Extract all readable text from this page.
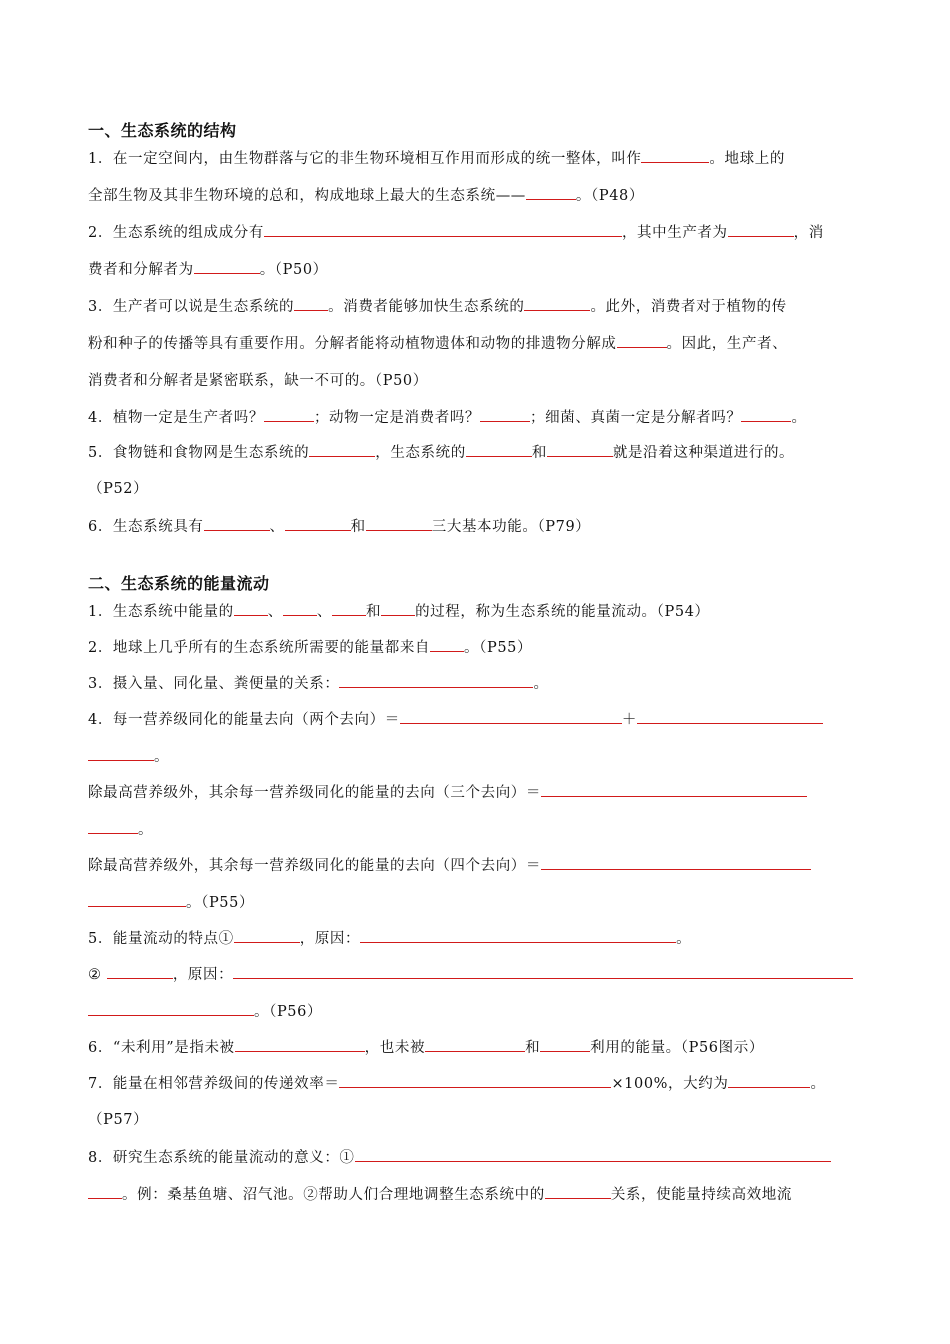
一、生态系统的结构
1．在一定空间内，由生物群落与它的非生物环境相互作用而形成的统一整体，叫作	。地球上的
全部生物及其非生物环境的总和，构成地球上最大的生态系统——	。（P48）
2．生态系统的组成成分有	，其中生产者为	，消
费者和分解者为	。（P50）
3．生产者可以说是生态系统的 。消费者能够加快生态系统的	。此外，消费者对于植物的传
粉和种子的传播等具有重要作用。分解者能将动植物遗体和动物的排遗物分解成	。因此，生产者、
消费者和分解者是紧密联系，缺一不可的。（P50）
4．植物一定是生产者吗？	；动物一定是消费者吗？	；细菌、真菌一定是分解者吗？	。
5．食物链和食物网是生态系统的	，生态系统的	和	就是沿着这种渠道进行的。
（P52）
6．生态系统具有	、	和	三大基本功能。（P79）
二、生态系统的能量流动
1．生态系统中能量的 、 、 和 的过程，称为生态系统的能量流动。（P54）
2．地球上几乎所有的生态系统所需要的能量都来自 。（P55）
3．摄入量、同化量、粪便量的关系：	。
4．每一营养级同化的能量去向（两个去向）＝	＋
。
除最高营养级外，其余每一营养级同化的能量的去向（三个去向）＝
。
除最高营养级外，其余每一营养级同化的能量的去向（四个去向）＝
。（P55）
5．能量流动的特点①	，原因：	。
②	，原因：
。（P56）
6．“未利用”是指未被	，也未被	和	利用的能量。（P56图示）
7．能量在相邻营养级间的传递效率＝	×100%，大约为	。
（P57）
8．研究生态系统的能量流动的意义：①
。例：桑基鱼塘、沼气池。②帮助人们合理地调整生态系统中的	关系，使能量持续高效地流
